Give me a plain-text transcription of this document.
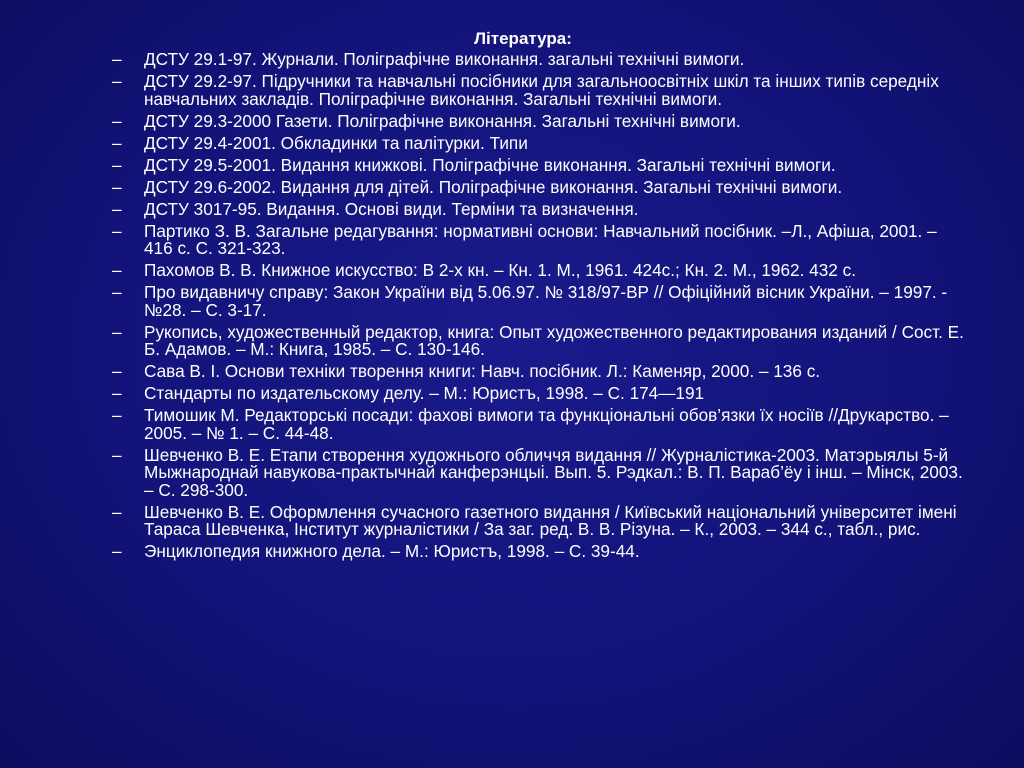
Література:
– ДСТУ 29.1-97. Журнали. Поліграфічне виконання. загальні технічні вимоги.
– ДСТУ 29.2-97. Підручники та навчальні посібники для загальноосвітніх шкіл та інших типів середніх навчальних закладів. Поліграфічне виконання. Загальні технічні вимоги.
– ДСТУ 29.3-2000 Газети. Поліграфічне виконання. Загальні технічні вимоги.
– ДСТУ 29.4-2001. Обкладинки та палітурки. Типи
– ДСТУ 29.5-2001. Видання книжкові. Поліграфічне виконання. Загальні технічні вимоги.
– ДСТУ 29.6-2002. Видання для дітей. Поліграфічне виконання. Загальні технічні вимоги.
– ДСТУ 3017-95. Видання. Основі види. Терміни та визначення.
– Партико З. В. Загальне редагування: нормативні основи: Навчальний посібник. –Л., Афіша, 2001. – 416 с. С. 321-323.
– Пахомов В. В. Книжное искусство: В 2-х кн. – Кн. 1. М., 1961. 424с.; Кн. 2. М., 1962. 432 с.
– Про видавничу справу: Закон України від 5.06.97. № 318/97-ВР // Офіційний вісник України. – 1997. - №28. – С. 3-17.
– Рукопись, художественный редактор, книга: Опыт художественного редактирования изданий / Сост. Е. Б. Адамов. – М.: Книга, 1985. – С. 130-146.
– Сава В. І. Основи техніки творення книги: Навч. посібник. Л.: Каменяр, 2000. – 136 с.
– Стандарты по издательскому делу. – М.: Юристъ, 1998. – С. 174—191
– Тимошик М. Редакторські посади: фахові вимоги та функціональні обов’язки їх носіїв //Друкарство. –2005. – № 1. – С. 44-48.
– Шевченко В. Е. Етапи створення художнього обличчя видання // Журналістика-2003. Матэрыялы 5-й Мыжнароднай навукова-практычнай канферэнцыі. Вып. 5. Рэдкал.: В. П. Вараб’ёу і інш. – Мінск, 2003. – С. 298-300.
– Шевченко В. Е. Оформлення сучасного газетного видання / Київський національний університет імені Тараса Шевченка, Інститут журналістики / За заг. ред. В. В. Різуна. – К., 2003. – 344 с., табл., рис.
– Энциклопедия книжного дела. – М.: Юристъ, 1998. – С. 39-44.
